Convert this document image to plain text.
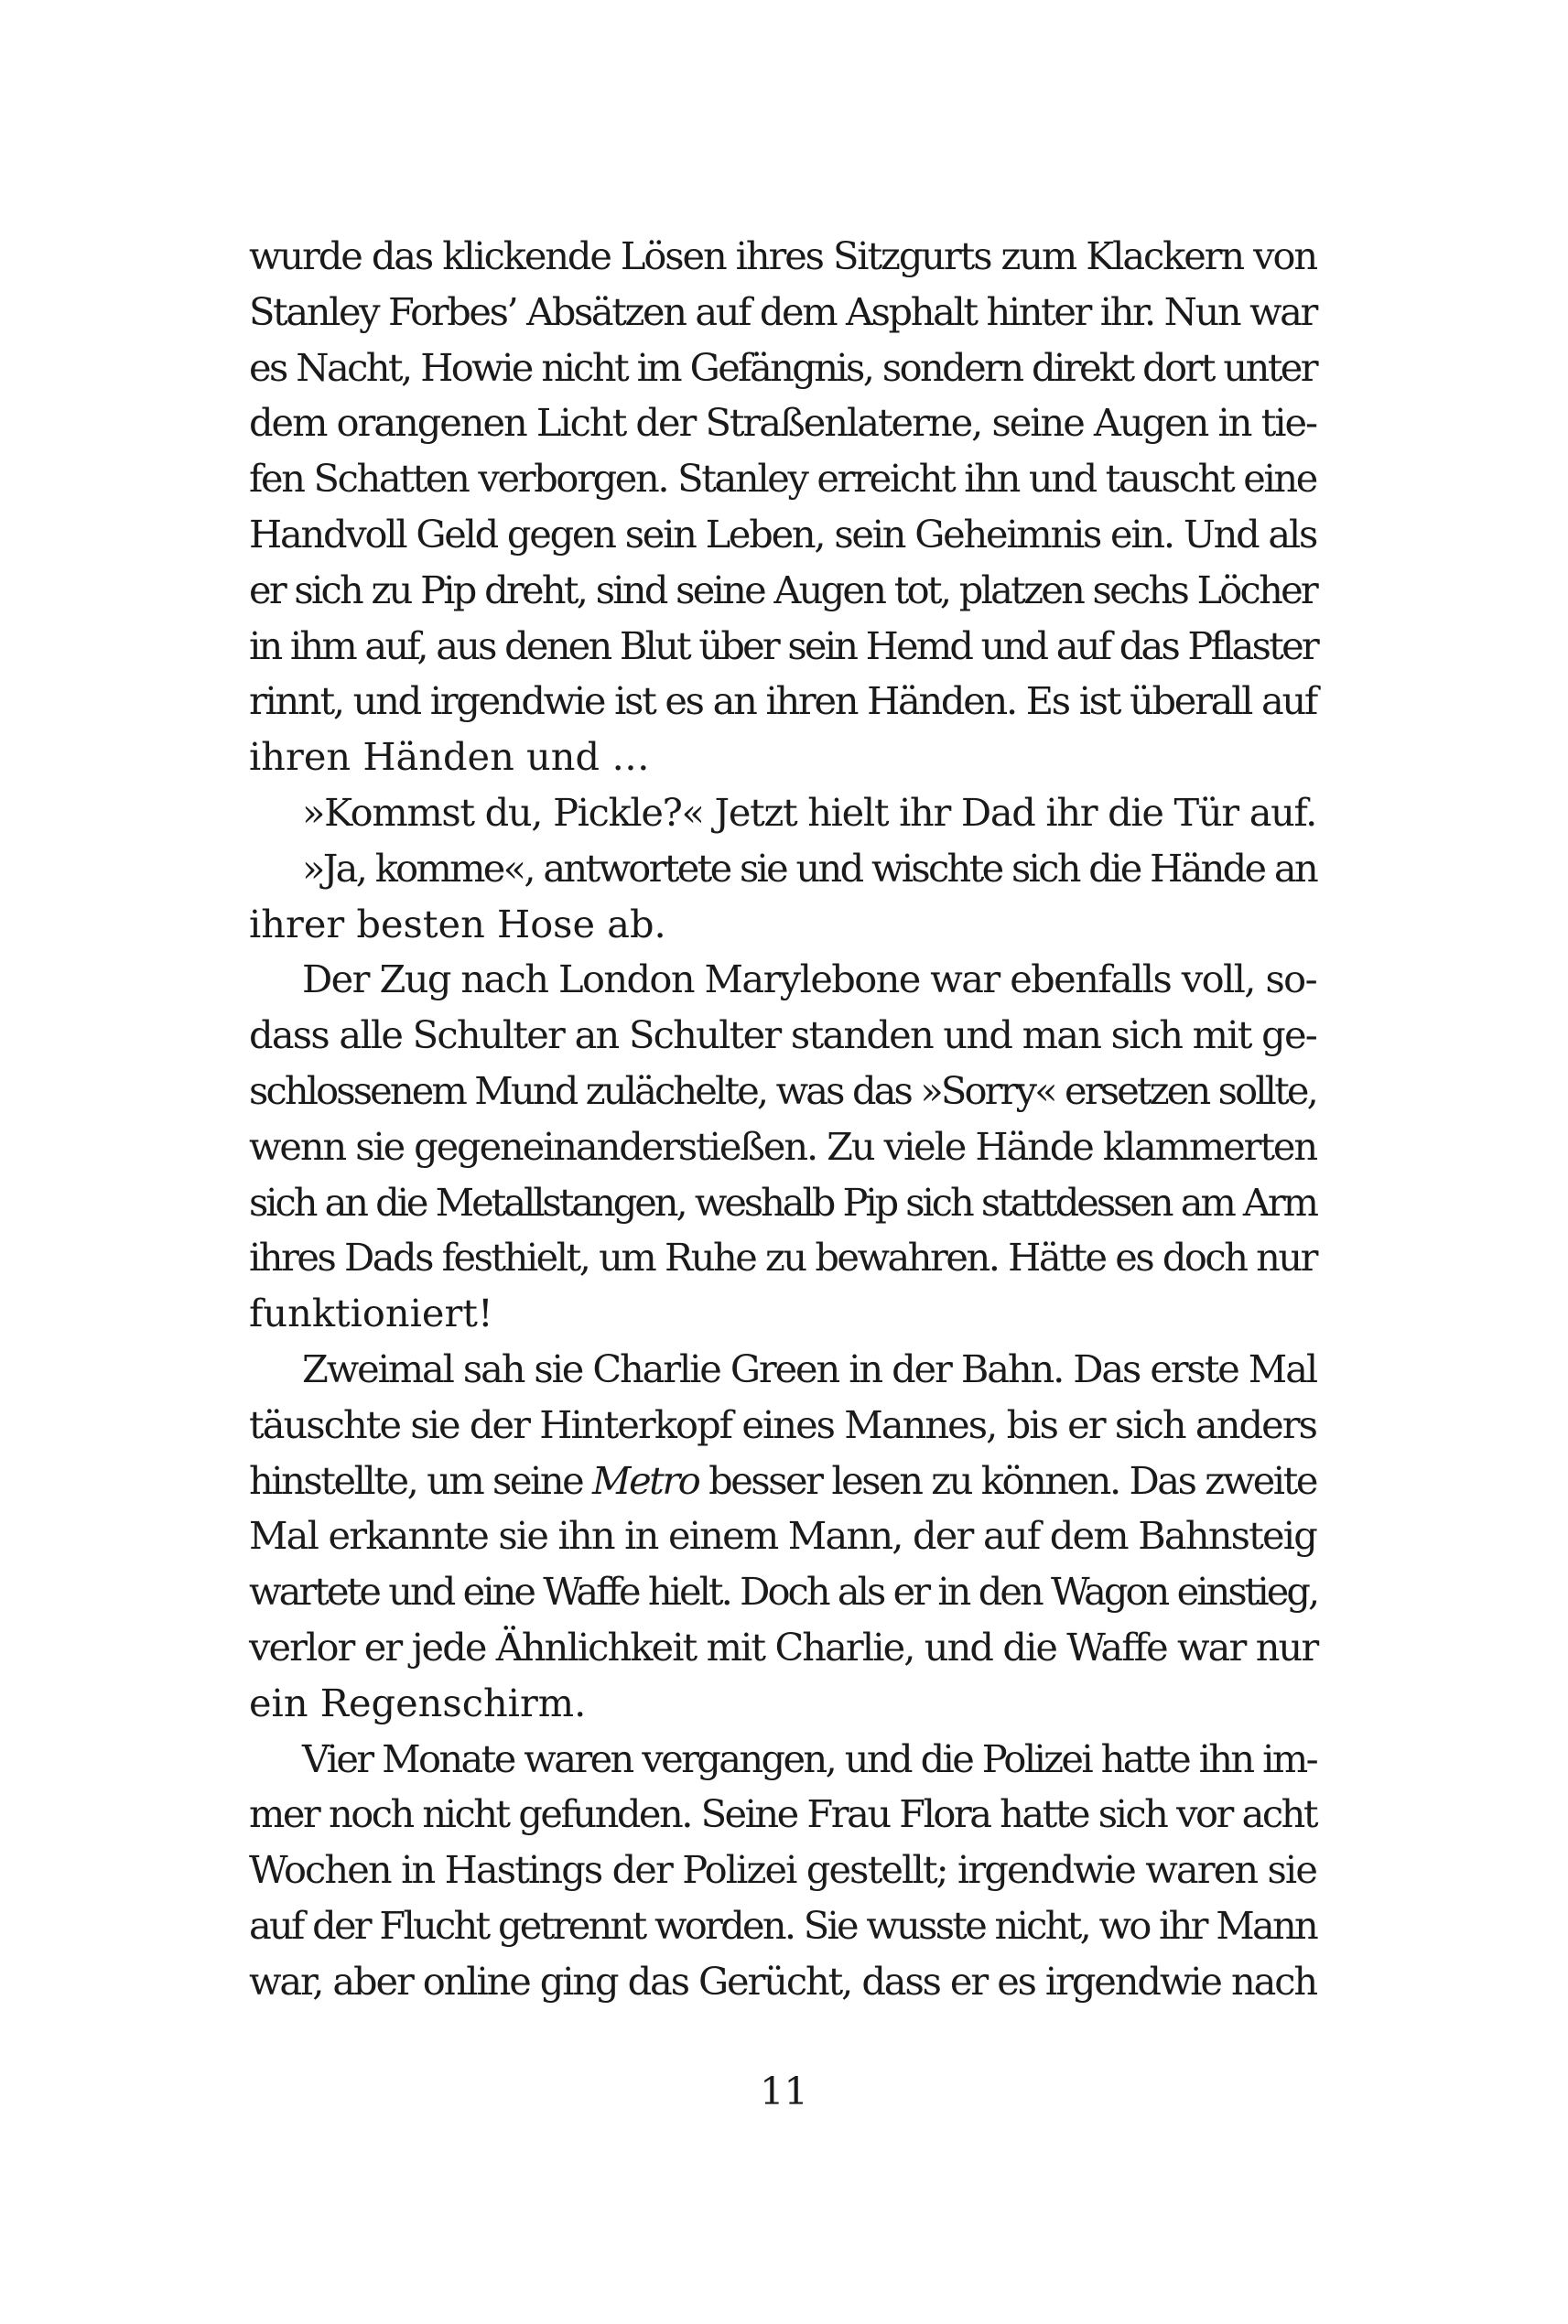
wurde das klickende Lösen ihres Sitzgurts zum Klackern von
Stanley Forbes’ Absätzen auf dem Asphalt hinter ihr. Nun war
es Nacht, Howie nicht im Gefängnis, sondern direkt dort unter
dem orangenen Licht der Straßenlaterne, seine Augen in tie-
fen Schatten verborgen. Stanley erreicht ihn und tauscht eine
Handvoll Geld gegen sein Leben, sein Geheimnis ein. Und als
er sich zu Pip dreht, sind seine Augen tot, platzen sechs Löcher
in ihm auf, aus denen Blut über sein Hemd und auf das Pflaster
rinnt, und irgendwie ist es an ihren Händen. Es ist überall auf
ihren Händen und …
»Kommst du, Pickle?« Jetzt hielt ihr Dad ihr die Tür auf.
»Ja, komme«, antwortete sie und wischte sich die Hände an
ihrer besten Hose ab.
Der Zug nach London Marylebone war ebenfalls voll, so-
dass alle Schulter an Schulter standen und man sich mit ge-
schlossenem Mund zulächelte, was das »Sorry« ersetzen sollte,
wenn sie gegeneinanderstießen. Zu viele Hände klammerten
sich an die Metallstangen, weshalb Pip sich stattdessen am Arm
ihres Dads festhielt, um Ruhe zu bewahren. Hätte es doch nur
funktioniert!
Zweimal sah sie Charlie Green in der Bahn. Das erste Mal
täuschte sie der Hinterkopf eines Mannes, bis er sich anders
hinstellte, um seine Metro besser lesen zu können. Das zweite
Mal erkannte sie ihn in einem Mann, der auf dem Bahnsteig
wartete und eine Waffe hielt. Doch als er in den Wagon einstieg,
verlor er jede Ähnlichkeit mit Charlie, und die Waffe war nur
ein Regenschirm.
Vier Monate waren vergangen, und die Polizei hatte ihn im-
mer noch nicht gefunden. Seine Frau Flora hatte sich vor acht
Wochen in Hastings der Polizei gestellt; irgendwie waren sie
auf der Flucht getrennt worden. Sie wusste nicht, wo ihr Mann
war, aber online ging das Gerücht, dass er es irgendwie nach
11
